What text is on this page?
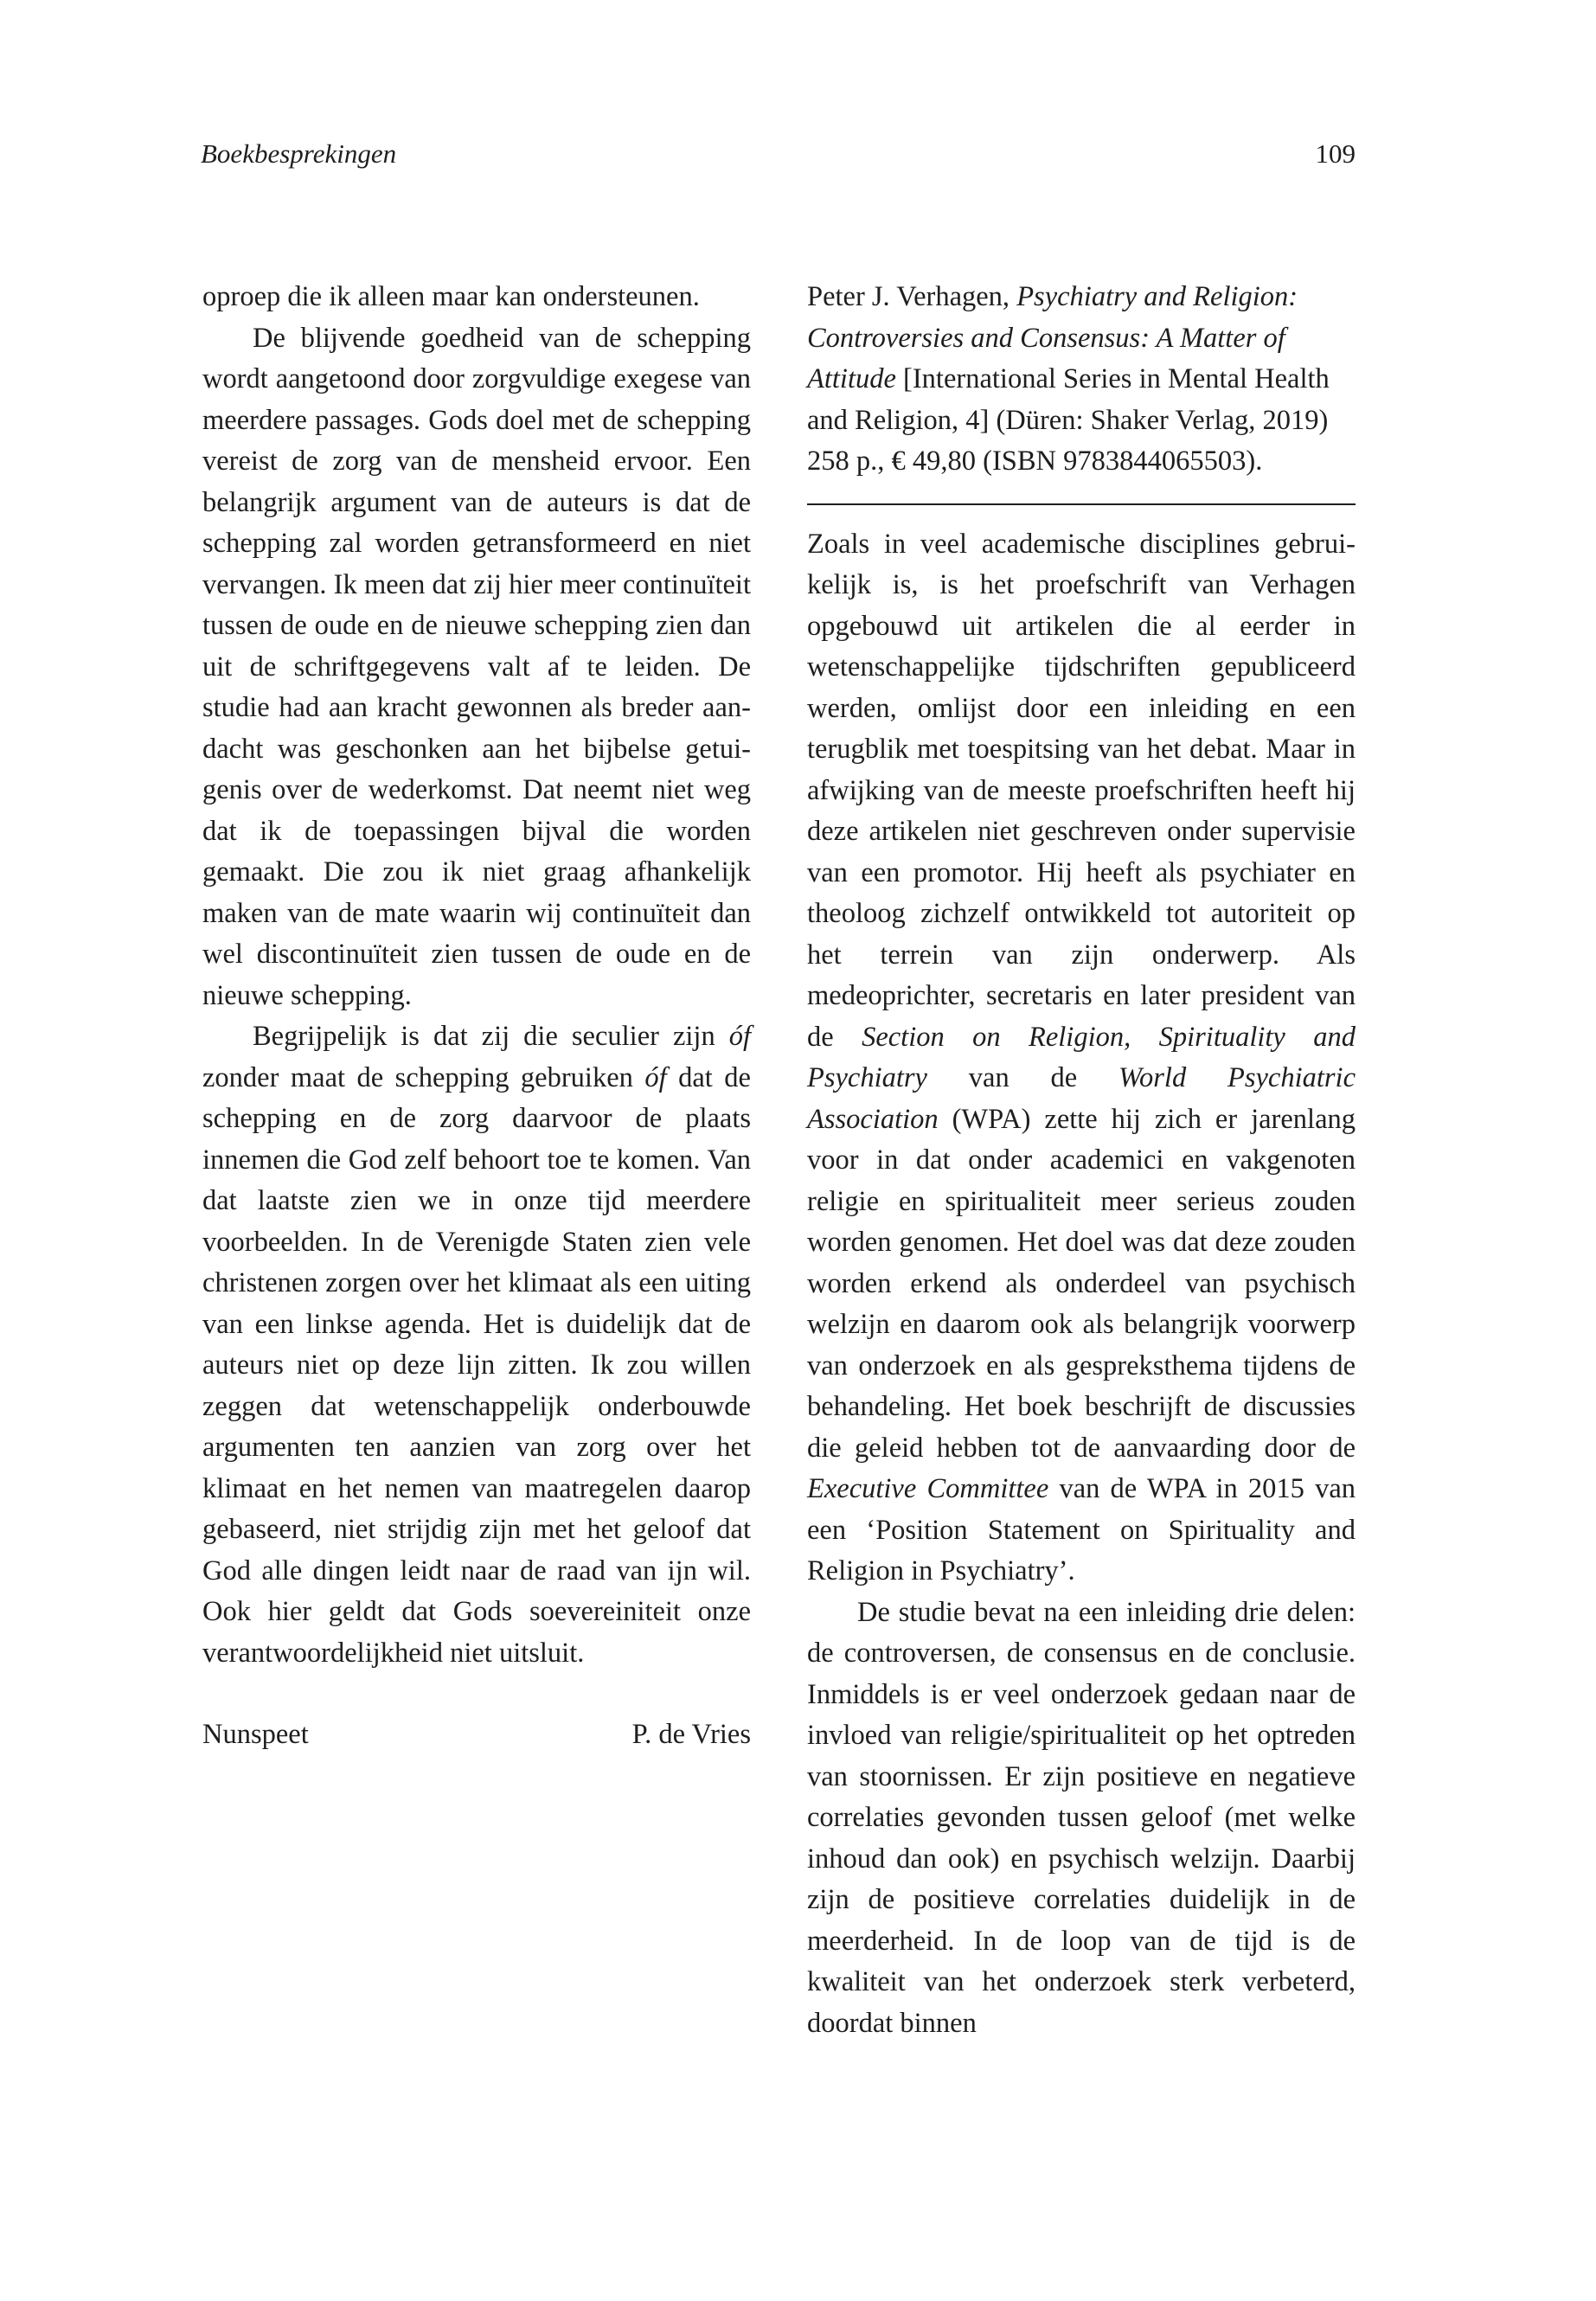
Boekbesprekingen	109

oproep die ik alleen maar kan ondersteunen.

De blijvende goedheid van de schepping wordt aangetoond door zorgvuldige exegese van meerdere passages. Gods doel met de schepping vereist de zorg van de mensheid ervoor. Een belangrijk argument van de auteurs is dat de schepping zal worden getransformeerd en niet vervangen. Ik meen dat zij hier meer continuïteit tussen de oude en de nieuwe schepping zien dan uit de schriftgegevens valt af te leiden. De studie had aan kracht gewonnen als breder aandacht was geschonken aan het bijbelse getuigenis over de wederkomst. Dat neemt niet weg dat ik de toepassingen bijval die worden gemaakt. Die zou ik niet graag afhankelijk maken van de mate waarin wij continuïteit dan wel discontinuïteit zien tussen de oude en de nieuwe schepping.

Begrijpelijk is dat zij die seculier zijn óf zonder maat de schepping gebruiken óf dat de schepping en de zorg daarvoor de plaats innemen die God zelf behoort toe te komen. Van dat laatste zien we in onze tijd meerdere voorbeelden. In de Verenigde Staten zien vele christenen zorgen over het klimaat als een uiting van een linkse agenda. Het is duidelijk dat de auteurs niet op deze lijn zitten. Ik zou willen zeggen dat wetenschappelijk onderbouwde argumenten ten aanzien van zorg over het klimaat en het nemen van maatregelen daarop gebaseerd, niet strijdig zijn met het geloof dat God alle dingen leidt naar de raad van ijn wil. Ook hier geldt dat Gods soevereiniteit onze verantwoordelijkheid niet uitsluit.

Nunspeet	P. de Vries

Peter J. Verhagen, Psychiatry and Religion: Controversies and Consensus: A Matter of Attitude [International Series in Mental Health and Religion, 4] (Düren: Shaker Verlag, 2019) 258 p., € 49,80 (ISBN 9783844065503).

Zoals in veel academische disciplines gebruikelijk is, is het proefschrift van Verhagen opgebouwd uit artikelen die al eerder in wetenschappelijke tijdschriften gepubliceerd werden, omlijst door een inleiding en een terugblik met toespitsing van het debat. Maar in afwijking van de meeste proefschriften heeft hij deze artikelen niet geschreven onder supervisie van een promotor. Hij heeft als psychiater en theoloog zichzelf ontwikkeld tot autoriteit op het terrein van zijn onderwerp. Als medeoprichter, secretaris en later president van de Section on Religion, Spirituality and Psychiatry van de World Psychiatric Association (WPA) zette hij zich er jarenlang voor in dat onder academici en vakgenoten religie en spiritualiteit meer serieus zouden worden genomen. Het doel was dat deze zouden worden erkend als onderdeel van psychisch welzijn en daarom ook als belangrijk voorwerp van onderzoek en als gespreksthema tijdens de behandeling. Het boek beschrijft de discussies die geleid hebben tot de aanvaarding door de Executive Committee van de WPA in 2015 van een ‘Position Statement on Spirituality and Religion in Psychiatry’.

De studie bevat na een inleiding drie delen: de controversen, de consensus en de conclusie. Inmiddels is er veel onderzoek gedaan naar de invloed van religie/spiritualiteit op het optreden van stoornissen. Er zijn positieve en negatieve correlaties gevonden tussen geloof (met welke inhoud dan ook) en psychisch welzijn. Daarbij zijn de positieve correlaties duidelijk in de meerderheid. In de loop van de tijd is de kwaliteit van het onderzoek sterk verbeterd, doordat binnen
